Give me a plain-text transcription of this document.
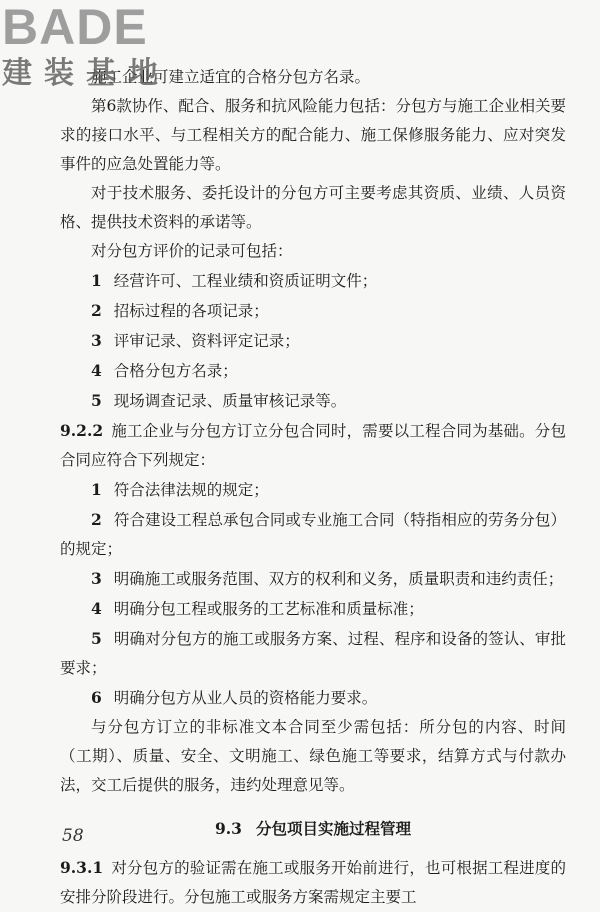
BADE
建装基地

施工企业可建立适宜的合格分包方名录。

第6款协作、配合、服务和抗风险能力包括：分包方与施工企业相关要求的接口水平、与工程相关方的配合能力、施工保修服务能力、应对突发事件的应急处置能力等。

对于技术服务、委托设计的分包方可主要考虑其资质、业绩、人员资格、提供技术资料的承诺等。

对分包方评价的记录可包括：

1 经营许可、工程业绩和资质证明文件；

2 招标过程的各项记录；

3 评审记录、资料评定记录；

4 合格分包方名录；

5 现场调查记录、质量审核记录等。

9.2.2 施工企业与分包方订立分包合同时，需要以工程合同为基础。分包合同应符合下列规定：

1 符合法律法规的规定；

2 符合建设工程总承包合同或专业施工合同（特指相应的劳务分包）的规定；

3 明确施工或服务范围、双方的权利和义务，质量职责和违约责任；

4 明确分包工程或服务的工艺标准和质量标准；

5 明确对分包方的施工或服务方案、过程、程序和设备的签认、审批要求；

6 明确分包方从业人员的资格能力要求。

与分包方订立的非标准文本合同至少需包括：所分包的内容、时间（工期）、质量、安全、文明施工、绿色施工等要求，结算方式与付款办法，交工后提供的服务，违约处理意见等。

9.3 分包项目实施过程管理

9.3.1 对分包方的验证需在施工或服务开始前进行，也可根据工程进度的安排分阶段进行。分包施工或服务方案需规定主要工

58
